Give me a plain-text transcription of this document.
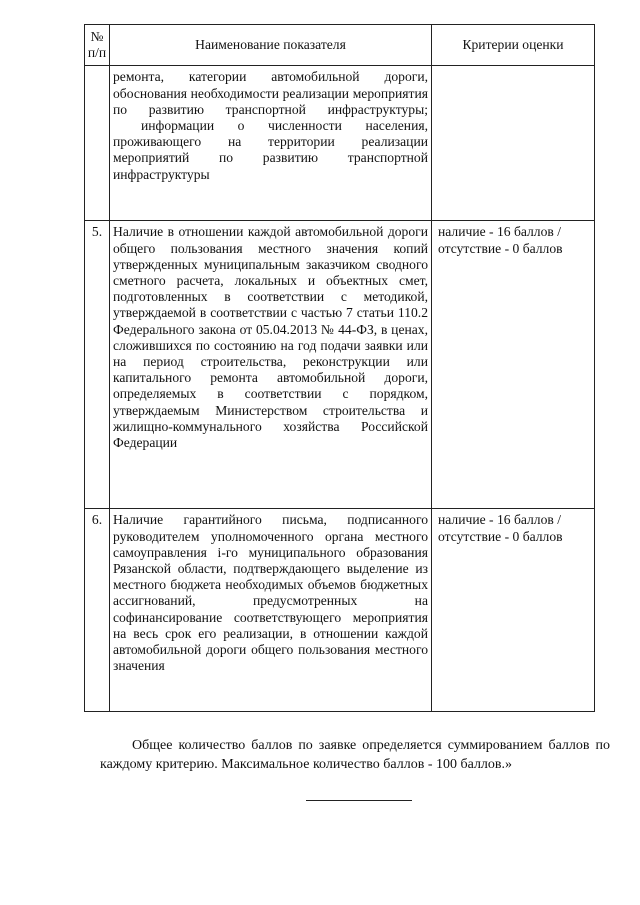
№
п/п	Наименование показателя	Критерии оценки

	ремонта, категории автомобильной дороги, обоснования необходимости реализации мероприятия по развитию транспортной инфраструктуры;

информации о численности населения, проживающего на территории реализации мероприятий по развитию транспортной инфраструктуры	

5.	Наличие в отношении каждой автомобильной дороги общего пользования местного значения копий утвержденных муниципальным заказчиком сводного сметного расчета, локальных и объектных смет, подготовленных в соответствии с методикой, утверждаемой в соответствии с частью 7 статьи 110.2 Федерального закона от 05.04.2013 № 44-ФЗ, в ценах, сложившихся по состоянию на год подачи заявки или на период строительства, реконструкции или капитального ремонта автомобильной дороги, определяемых в соответствии с порядком, утверждаемым Министерством строительства и жилищно-коммунального хозяйства Российской Федерации	наличие - 16 баллов /

отсутствие - 0 баллов

6.	Наличие гарантийного письма, подписанного руководителем уполномоченного органа местного самоуправления i-го муниципального образования Рязанской области, подтверждающего выделение из местного бюджета необходимых объемов бюджетных ассигнований, предусмотренных на софинансирование соответствующего мероприятия на весь срок его реализации, в отношении каждой автомобильной дороги общего пользования местного значения	наличие - 16 баллов /

отсутствие - 0 баллов

Общее количество баллов по заявке определяется суммированием баллов по каждому критерию. Максимальное количество баллов - 100 баллов.»
